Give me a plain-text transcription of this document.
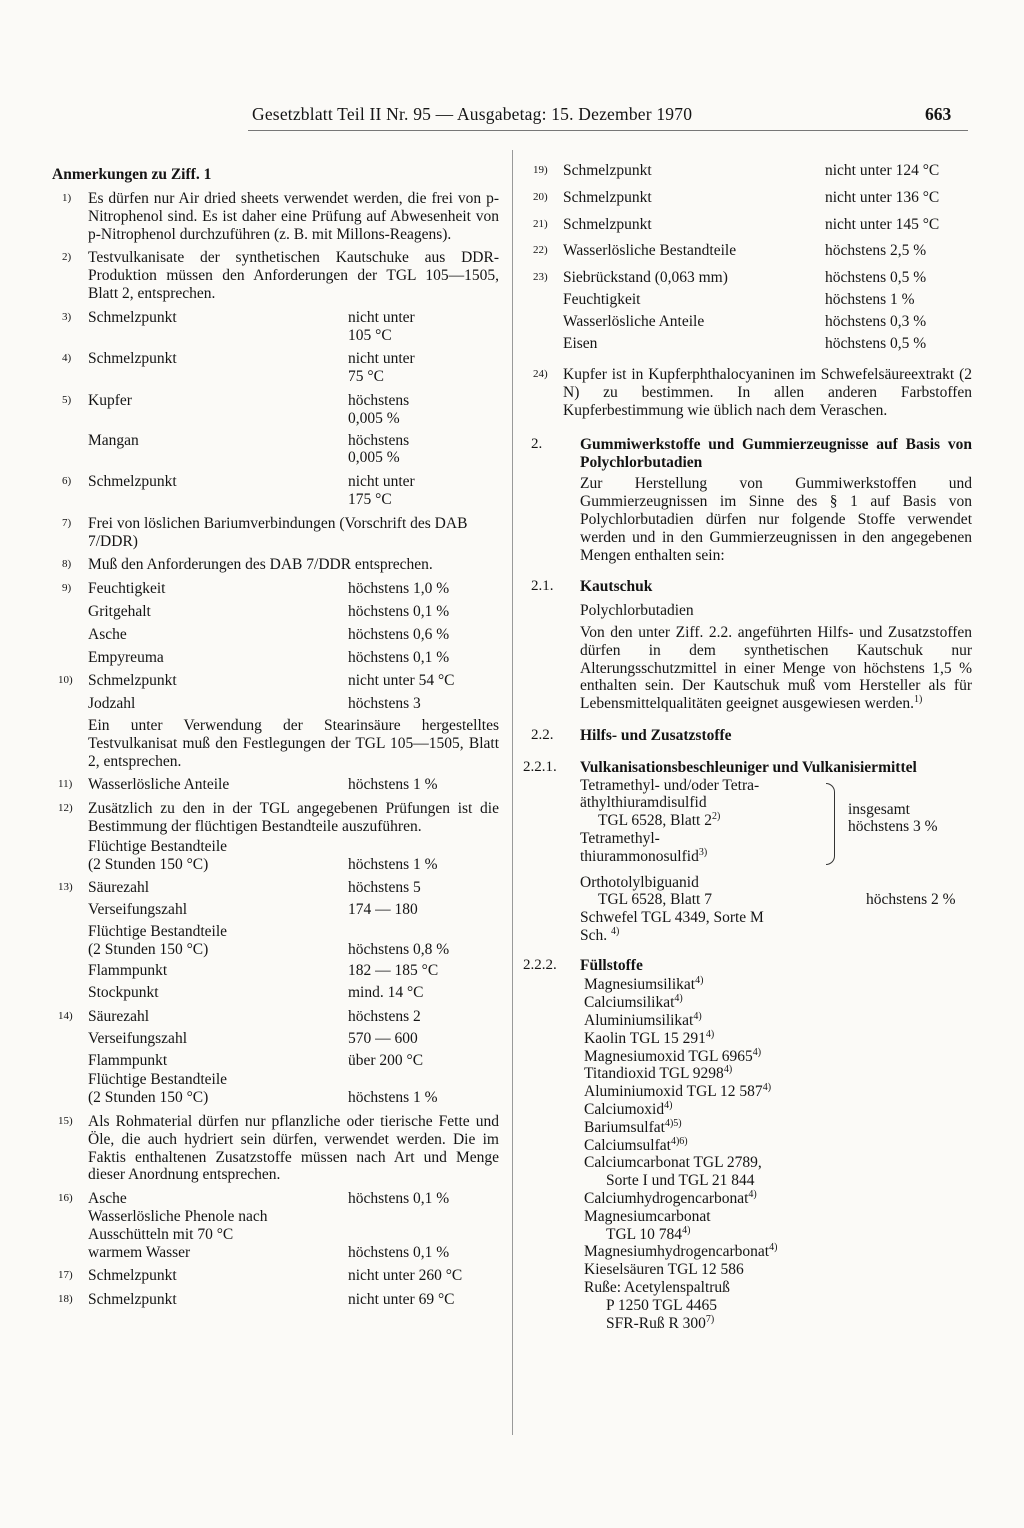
Gesetzblatt Teil II Nr. 95 — Ausgabetag: 15. Dezember 1970	663
Anmerkungen zu Ziff. 1
1) Es dürfen nur Air dried sheets verwendet werden, die frei von p-Nitrophenol sind. Es ist daher eine Prüfung auf Abwesenheit von p-Nitrophenol durchzuführen (z. B. mit Millons-Reagens).
2) Testvulkanisate der synthetischen Kautschuke aus DDR-Produktion müssen den Anforderungen der TGL 105—1505, Blatt 2, entsprechen.
3) Schmelzpunkt	nicht unter
105 °C
4) Schmelzpunkt	nicht unter
75 °C
5) Kupfer	höchstens
0,005 %
Mangan	höchstens
0,005 %
6) Schmelzpunkt	nicht unter
175 °C
7) Frei von löslichen Bariumverbindungen (Vorschrift des DAB 7/DDR)
8) Muß den Anforderungen des DAB 7/DDR entsprechen.
9) Feuchtigkeit	höchstens 1,0 %
Gritgehalt	höchstens 0,1 %
Asche	höchstens 0,6 %
Empyreuma	höchstens 0,1 %
10) Schmelzpunkt	nicht unter 54 °C
Jodzahl	höchstens 3
Ein unter Verwendung der Stearinsäure hergestelltes Testvulkanisat muß den Festlegungen der TGL 105—1505, Blatt 2, entsprechen.
11) Wasserlösliche Anteile	höchstens 1 %
12) Zusätzlich zu den in der TGL angegebenen Prüfungen ist die Bestimmung der flüchtigen Bestandteile auszuführen.
Flüchtige Bestandteile
(2 Stunden 150 °C)	höchstens 1 %
13) Säurezahl	höchstens 5
Verseifungszahl	174 — 180
Flüchtige Bestandteile
(2 Stunden 150 °C)	höchstens 0,8 %
Flammpunkt	182 — 185 °C
Stockpunkt	mind. 14 °C
14) Säurezahl	höchstens 2
Verseifungszahl	570 — 600
Flammpunkt	über 200 °C
Flüchtige Bestandteile
(2 Stunden 150 °C)	höchstens 1 %
15) Als Rohmaterial dürfen nur pflanzliche oder tierische Fette und Öle, die auch hydriert sein dürfen, verwendet werden. Die im Faktis enthaltenen Zusatzstoffe müssen nach Art und Menge dieser Anordnung entsprechen.
16) Asche	höchstens 0,1 %
Wasserlösliche Phenole nach
Ausschütteln mit 70 °C
warmem Wasser	höchstens 0,1 %
17) Schmelzpunkt	nicht unter 260 °C
18) Schmelzpunkt	nicht unter 69 °C
19) Schmelzpunkt	nicht unter 124 °C
20) Schmelzpunkt	nicht unter 136 °C
21) Schmelzpunkt	nicht unter 145 °C
22) Wasserlösliche Bestandteile	höchstens 2,5 %
23) Siebrückstand (0,063 mm)	höchstens 0,5 %
Feuchtigkeit	höchstens 1 %
Wasserlösliche Anteile	höchstens 0,3 %
Eisen	höchstens 0,5 %
24) Kupfer ist in Kupferphthalocyaninen im Schwefelsäureextrakt (2 N) zu bestimmen. In allen anderen Farbstoffen Kupferbestimmung wie üblich nach dem Veraschen.
2. Gummiwerkstoffe und Gummierzeugnisse auf Basis von Polychlorbutadien
Zur Herstellung von Gummiwerkstoffen und Gummierzeugnissen im Sinne des § 1 auf Basis von Polychlorbutadien dürfen nur folgende Stoffe verwendet werden und in den Gummierzeugnissen in den angegebenen Mengen enthalten sein:
2.1. Kautschuk
Polychlorbutadien
Von den unter Ziff. 2.2. angeführten Hilfs- und Zusatzstoffen dürfen in dem synthetischen Kautschuk nur Alterungsschutzmittel in einer Menge von höchstens 1,5 % enthalten sein. Der Kautschuk muß vom Hersteller als für Lebensmittelqualitäten geeignet ausgewiesen werden.$^{1)}$
2.2. Hilfs- und Zusatzstoffe
2.2.1. Vulkanisationsbeschleuniger und Vulkanisiermittel
Tetramethyl- und/oder Tetra-
äthylthiuramdisulfid
TGL 6528, Blatt 2$^{2)}$
Tetramethyl-
thiurammonosulfid$^{3)}$
insgesamt
höchstens 3 %
Orthotolylbiguanid
TGL 6528, Blatt 7	höchstens 2 %
Schwefel TGL 4349, Sorte M
Sch. $^{4)}$
2.2.2. Füllstoffe
Magnesiumsilikat$^{4)}$
Calciumsilikat$^{4)}$
Aluminiumsilikat$^{4)}$
Kaolin TGL 15 291$^{4)}$
Magnesiumoxid TGL 6965$^{4)}$
Titandioxid TGL 9298$^{4)}$
Aluminiumoxid TGL 12 587$^{4)}$
Calciumoxid$^{4)}$
Bariumsulfat$^{4)5)}$
Calciumsulfat$^{4)6)}$
Calciumcarbonat TGL 2789,
Sorte I und TGL 21 844
Calciumhydrogencarbonat$^{4)}$
Magnesiumcarbonat
TGL 10 784$^{4)}$
Magnesiumhydrogencarbonat$^{4)}$
Kieselsäuren TGL 12 586
Ruße: Acetylenspaltruß
P 1250 TGL 4465
SFR-Ruß R 300$^{7)}$
